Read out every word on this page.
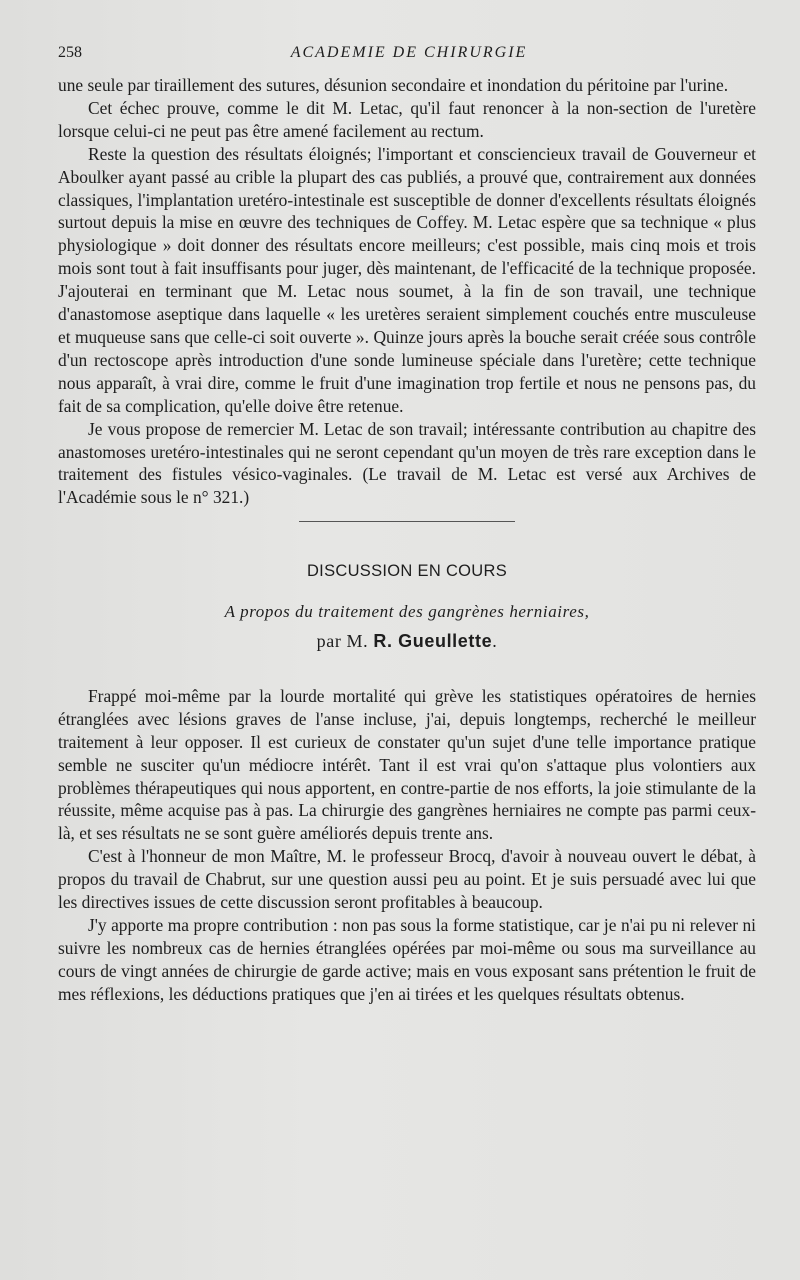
258	ACADEMIE DE CHIRURGIE

une seule par tiraillement des sutures, désunion secondaire et inondation du péritoine par l'urine.

Cet échec prouve, comme le dit M. Letac, qu'il faut renoncer à la non-section de l'uretère lorsque celui-ci ne peut pas être amené facilement au rectum.

Reste la question des résultats éloignés; l'important et consciencieux travail de Gouverneur et Aboulker ayant passé au crible la plupart des cas publiés, a prouvé que, contrairement aux données classiques, l'implantation uretéro-intestinale est susceptible de donner d'excellents résultats éloignés surtout depuis la mise en œuvre des techniques de Coffey. M. Letac espère que sa technique « plus physiologique » doit donner des résultats encore meilleurs; c'est possible, mais cinq mois et trois mois sont tout à fait insuffisants pour juger, dès maintenant, de l'efficacité de la technique proposée. J'ajouterai en terminant que M. Letac nous soumet, à la fin de son travail, une technique d'anastomose aseptique dans laquelle « les uretères seraient simplement couchés entre musculeuse et muqueuse sans que celle-ci soit ouverte ». Quinze jours après la bouche serait créée sous contrôle d'un rectoscope après introduction d'une sonde lumineuse spéciale dans l'uretère; cette technique nous apparaît, à vrai dire, comme le fruit d'une imagination trop fertile et nous ne pensons pas, du fait de sa complication, qu'elle doive être retenue.

Je vous propose de remercier M. Letac de son travail; intéressante contribution au chapitre des anastomoses uretéro-intestinales qui ne seront cependant qu'un moyen de très rare exception dans le traitement des fistules vésico-vaginales. (Le travail de M. Letac est versé aux Archives de l'Académie sous le n° 321.)

DISCUSSION EN COURS
A propos du traitement des gangrènes herniaires,
par M. R. Gueullette.

Frappé moi-même par la lourde mortalité qui grève les statistiques opératoires de hernies étranglées avec lésions graves de l'anse incluse, j'ai, depuis longtemps, recherché le meilleur traitement à leur opposer. Il est curieux de constater qu'un sujet d'une telle importance pratique semble ne susciter qu'un médiocre intérêt. Tant il est vrai qu'on s'attaque plus volontiers aux problèmes thérapeutiques qui nous apportent, en contre-partie de nos efforts, la joie stimulante de la réussite, même acquise pas à pas. La chirurgie des gangrènes herniaires ne compte pas parmi ceux-là, et ses résultats ne se sont guère améliorés depuis trente ans.

C'est à l'honneur de mon Maître, M. le professeur Brocq, d'avoir à nouveau ouvert le débat, à propos du travail de Chabrut, sur une question aussi peu au point. Et je suis persuadé avec lui que les directives issues de cette discussion seront profitables à beaucoup.

J'y apporte ma propre contribution : non pas sous la forme statistique, car je n'ai pu ni relever ni suivre les nombreux cas de hernies étranglées opérées par moi-même ou sous ma surveillance au cours de vingt années de chirurgie de garde active; mais en vous exposant sans prétention le fruit de mes réflexions, les déductions pratiques que j'en ai tirées et les quelques résultats obtenus.
